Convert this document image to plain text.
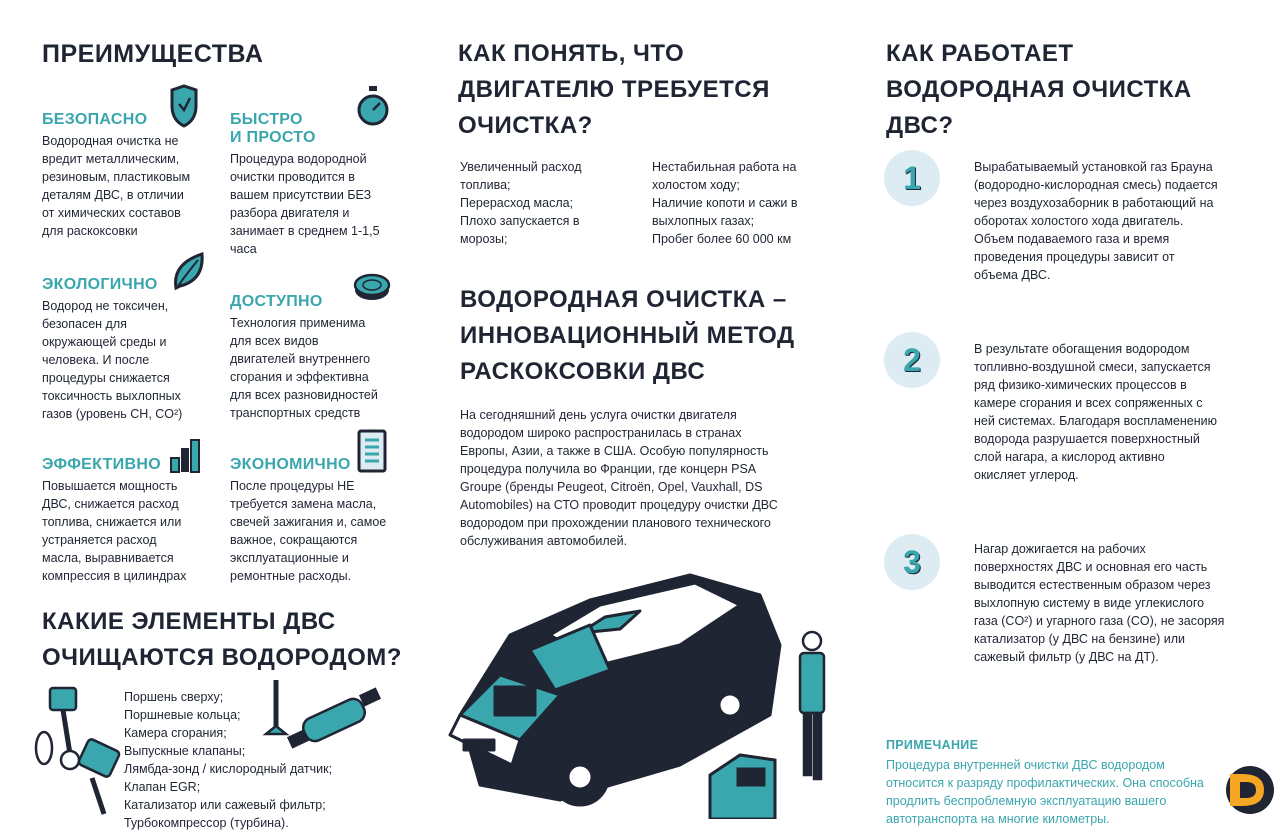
ПРЕИМУЩЕСТВА
БЕЗОПАСНО
Водородная очистка не
вредит металлическим,
резиновым, пластиковым
деталям ДВС, в отличии
от химических составов
для раскоксовки
БЫСТРО
И ПРОСТО
Процедура водородной
очистки проводится в
вашем присутствии БЕЗ
разбора двигателя и
занимает в среднем 1-1,5
часа
ЭКОЛОГИЧНО
Водород не токсичен,
безопасен для
окружающей среды и
человека. И после
процедуры снижается
токсичность выхлопных
газов (уровень CH, CO²)
ДОСТУПНО
Технология применима
для всех видов
двигателей внутреннего
сгорания и эффективна
для всех разновидностей
транспортных средств
ЭФФЕКТИВНО
Повышается мощность
ДВС, снижается расход
топлива, снижается или
устраняется расход
масла, выравнивается
компрессия в цилиндрах
ЭКОНОМИЧНО
После процедуры НЕ
требуется замена масла,
свечей зажигания и, самое
важное, сокращаются
эксплуатационные и
ремонтные расходы.
КАКИЕ ЭЛЕМЕНТЫ ДВС
ОЧИЩАЮТСЯ ВОДОРОДОМ?
Поршень сверху;
Поршневые кольца;
Камера сгорания;
Выпускные клапаны;
Лямбда-зонд / кислородный датчик;
Клапан EGR;
Катализатор или сажевый фильтр;
Турбокомпрессор (турбина).
КАК ПОНЯТЬ, ЧТО
ДВИГАТЕЛЮ ТРЕБУЕТСЯ
ОЧИСТКА?
Увеличенный расход
топлива;
Перерасход масла;
Плохо запускается в
морозы;
Нестабильная работа на
холостом ходу;
Наличие копоти и сажи в
выхлопных газах;
Пробег более 60 000 км
ВОДОРОДНАЯ ОЧИСТКА –
ИННОВАЦИОННЫЙ МЕТОД
РАСКОКСОВКИ ДВС
На сегодняшний день услуга очистки двигателя
водородом широко распространилась в странах
Европы, Азии, а также в США. Особую популярность
процедура получила во Франции, где концерн PSA
Groupe (бренды Peugeot, Citroën, Opel, Vauxhall, DS
Automobiles) на СТО проводит процедуру очистки ДВС
водородом при прохождении планового технического
обслуживания автомобилей.
КАК РАБОТАЕТ
ВОДОРОДНАЯ ОЧИСТКА
ДВС?
1	Вырабатываемый установкой газ Брауна
(водородно-кислородная смесь) подается
через воздухозаборник в работающий на
оборотах холостого хода двигатель.
Объем подаваемого газа и время
проведения процедуры зависит от
объема ДВС.
2	В результате обогащения водородом
топливно-воздушной смеси, запускается
ряд физико-химических процессов в
камере сгорания и всех сопряженных с
ней системах. Благодаря воспламенению
водорода разрушается поверхностный
слой нагара, а кислород активно
окисляет углерод.
3	Нагар дожигается на рабочих
поверхностях ДВС и основная его часть
выводится естественным образом через
выхлопную систему в виде углекислого
газа (CO²) и угарного газа (CO), не засоряя
катализатор (у ДВС на бензине) или
сажевый фильтр (у ДВС на ДТ).
ПРИМЕЧАНИЕ
Процедура внутренней очистки ДВС водородом
относится к разряду профилактических. Она способна
продлить беспроблемную эксплуатацию вашего
автотранспорта на многие километры.
